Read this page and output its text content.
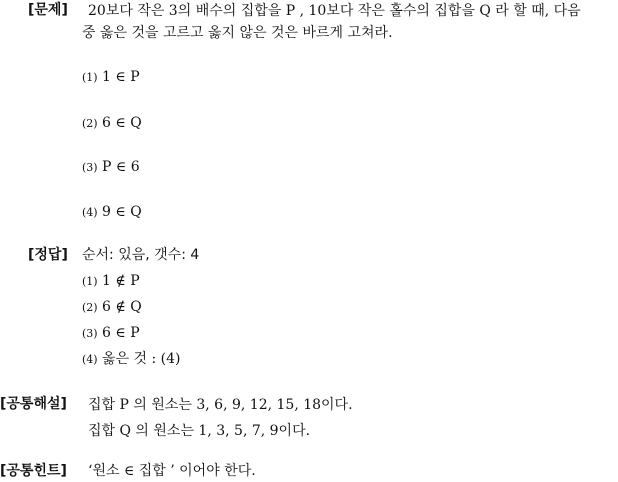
[문제] 20보다 작은 3의 배수의 집합을 P , 10보다 작은 홀수의 집합을 Q 라 할 때, 다음
중 옳은 것을 고르고 옳지 않은 것은 바르게 고쳐라.
(1) 1 ∈ P
(2) 6 ∈ Q
(3) P ∈ 6
(4) 9 ∈ Q
[정답] 순서: 있음, 갯수: 4
(1) 1 ∉ P
(2) 6 ∉ Q
(3) 6 ∈ P
(4) 옳은 것 : (4)
[공통해설] 집합 P 의 원소는 3, 6, 9, 12, 15, 18이다.
집합 Q 의 원소는 1, 3, 5, 7, 9이다.
[공통힌트] ‘원소 ∈ 집합 ’ 이어야 한다.
